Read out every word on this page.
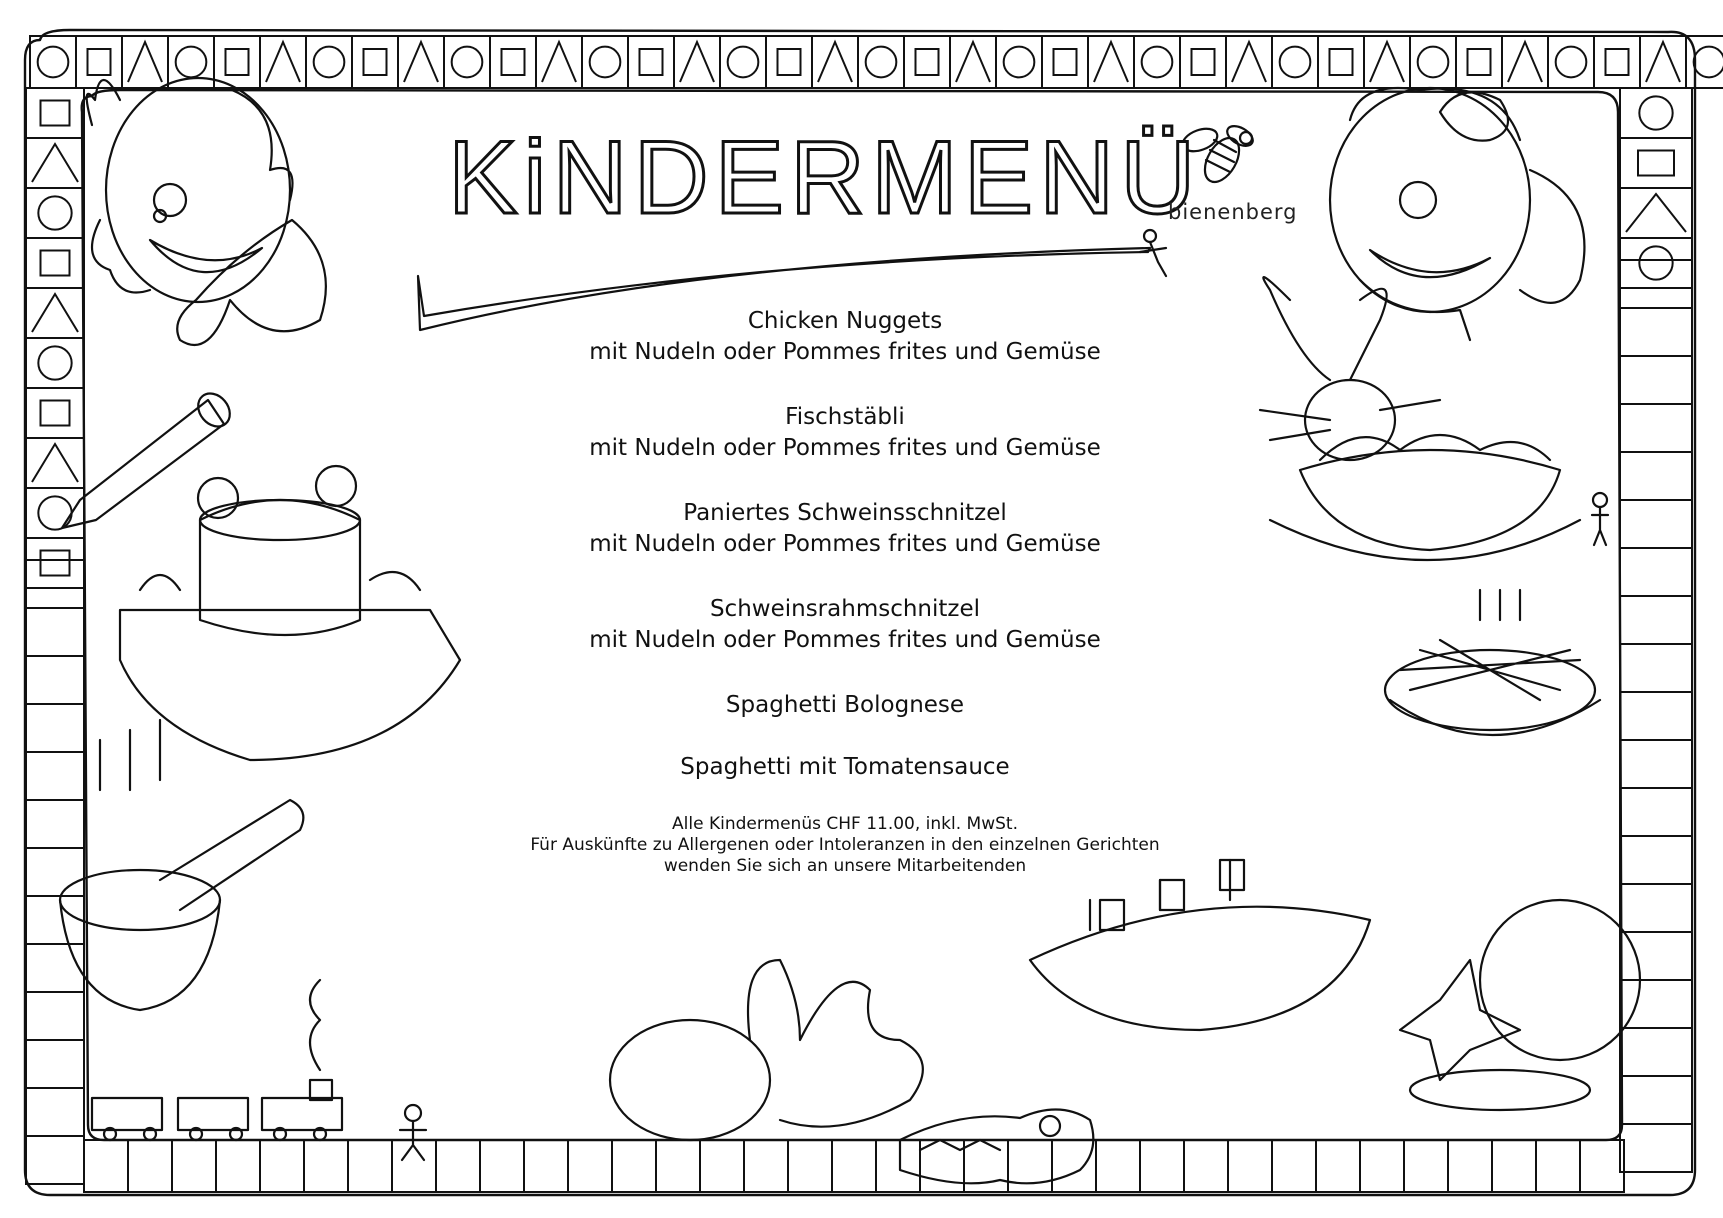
KiNDERMENÜ
bienenberg
Chicken Nuggets
mit Nudeln oder Pommes frites und Gemüse
Fischstäbli
mit Nudeln oder Pommes frites und Gemüse
Paniertes Schweinsschnitzel
mit Nudeln oder Pommes frites und Gemüse
Schweinsrahmschnitzel
mit Nudeln oder Pommes frites und Gemüse
Spaghetti Bolognese
Spaghetti mit Tomatensauce
Alle Kindermenüs CHF 11.00, inkl. MwSt.
Für Auskünfte zu Allergenen oder Intoleranzen in den einzelnen Gerichten
wenden Sie sich an unsere Mitarbeitenden
